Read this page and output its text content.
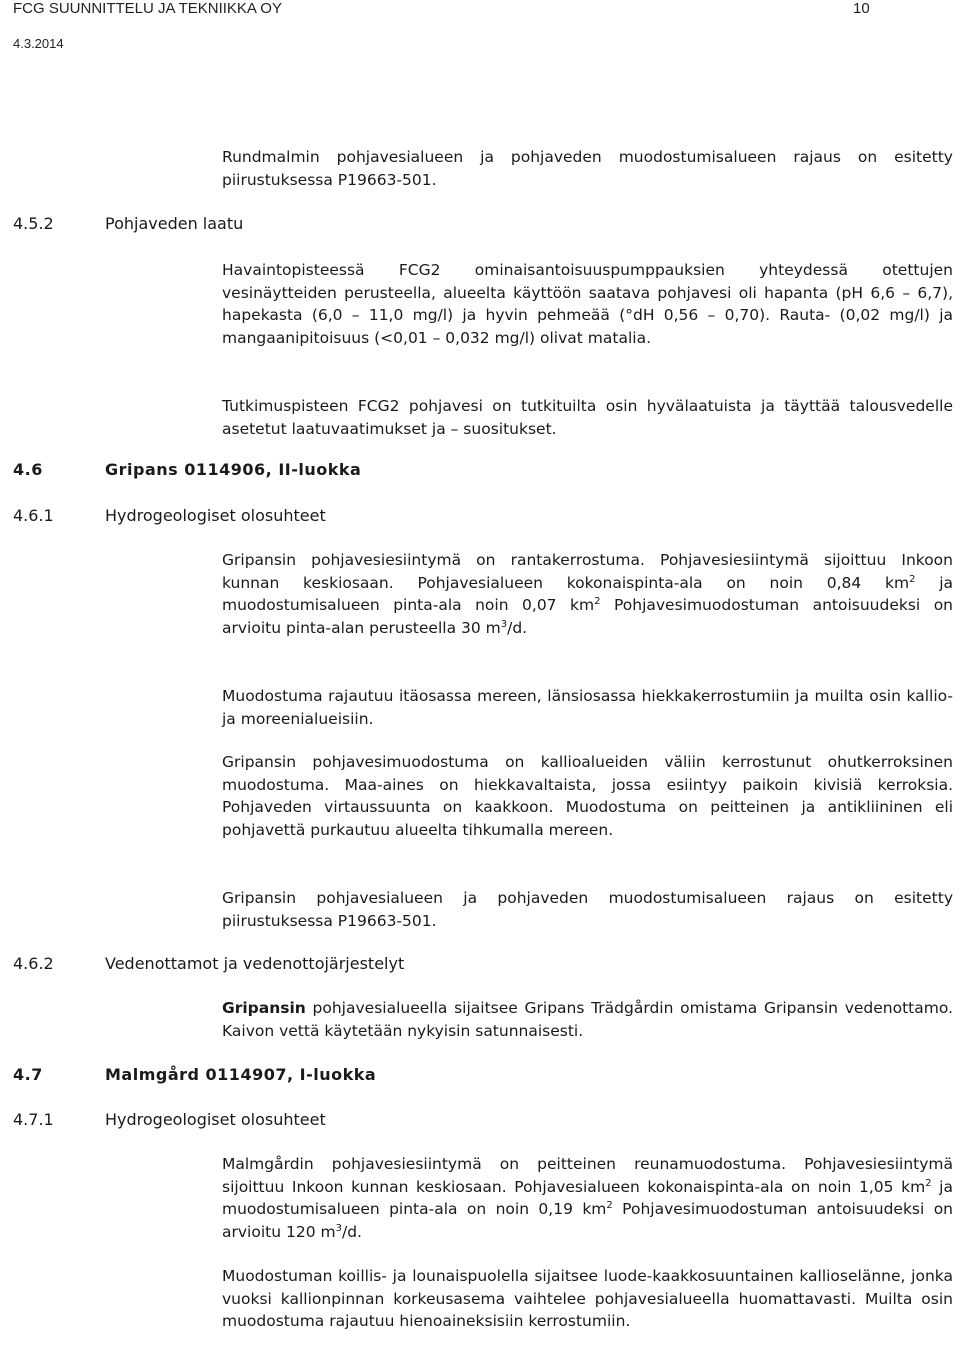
FCG SUUNNITTELU JA TEKNIIKKA OY
4.3.2014
10

Rundmalmin pohjavesialueen ja pohjaveden muodostumisalueen rajaus on esitetty piirustuksessa P19663-501.

4.5.2	Pohjaveden laatu

Havaintopisteessä FCG2 ominaisantoisuuspumppauksien yhteydessä otettujen vesinäytteiden perusteella, alueelta käyttöön saatava pohjavesi oli hapanta (pH 6,6 – 6,7), hapekasta (6,0 – 11,0 mg/l) ja hyvin pehmeää (°dH 0,56 – 0,70). Rauta- (0,02 mg/l) ja mangaanipitoisuus (<0,01 – 0,032 mg/l) olivat matalia.

Tutkimuspisteen FCG2 pohjavesi on tutkituilta osin hyvälaatuista ja täyttää talousvedelle asetetut laatuvaatimukset ja – suositukset.

4.6	Gripans 0114906, II-luokka
4.6.1	Hydrogeologiset olosuhteet

Gripansin pohjavesiesiintymä on rantakerrostuma. Pohjavesiesiintymä sijoittuu Inkoon kunnan keskiosaan. Pohjavesialueen kokonaispinta-ala on noin 0,84 $km^2$ ja muodostumisalueen pinta-ala noin 0,07 $km^2$ Pohjavesimuodostuman antoisuudeksi on arvioitu pinta-alan perusteella 30 $m^3/d$.

Muodostuma rajautuu itäosassa mereen, länsiosassa hiekkakerrostumiin ja muilta osin kallio- ja moreenialueisiin.

Gripansin pohjavesimuodostuma on kallioalueiden väliin kerrostunut ohutkerroksinen muodostuma. Maa-aines on hiekkavaltaista, jossa esiintyy paikoin kivisiä kerroksia. Pohjaveden virtaussuunta on kaakkoon. Muodostuma on peitteinen ja antikliininen eli pohjavettä purkautuu alueelta tihkumalla mereen.

Gripansin pohjavesialueen ja pohjaveden muodostumisalueen rajaus on esitetty piirustuksessa P19663-501.

4.6.2	Vedenottamot ja vedenottojärjestelyt

Gripansin pohjavesialueella sijaitsee Gripans Trädgårdin omistama Gripansin vedenottamo. Kaivon vettä käytetään nykyisin satunnaisesti.

4.7	Malmgård 0114907, I-luokka
4.7.1	Hydrogeologiset olosuhteet

Malmgårdin pohjavesiesiintymä on peitteinen reunamuodostuma. Pohjavesiesiintymä sijoittuu Inkoon kunnan keskiosaan. Pohjavesialueen kokonaispinta-ala on noin 1,05 $km^2$ ja muodostumisalueen pinta-ala on noin 0,19 $km^2$ Pohjavesimuodostuman antoisuudeksi on arvioitu 120 $m^3/d$.

Muodostuman koillis- ja lounaispuolella sijaitsee luode-kaakkosuuntainen kallioselänne, jonka vuoksi kallionpinnan korkeusasema vaihtelee pohjavesialueella huomattavasti. Muilta osin muodostuma rajautuu hienoaineksisiin kerrostumiin.
